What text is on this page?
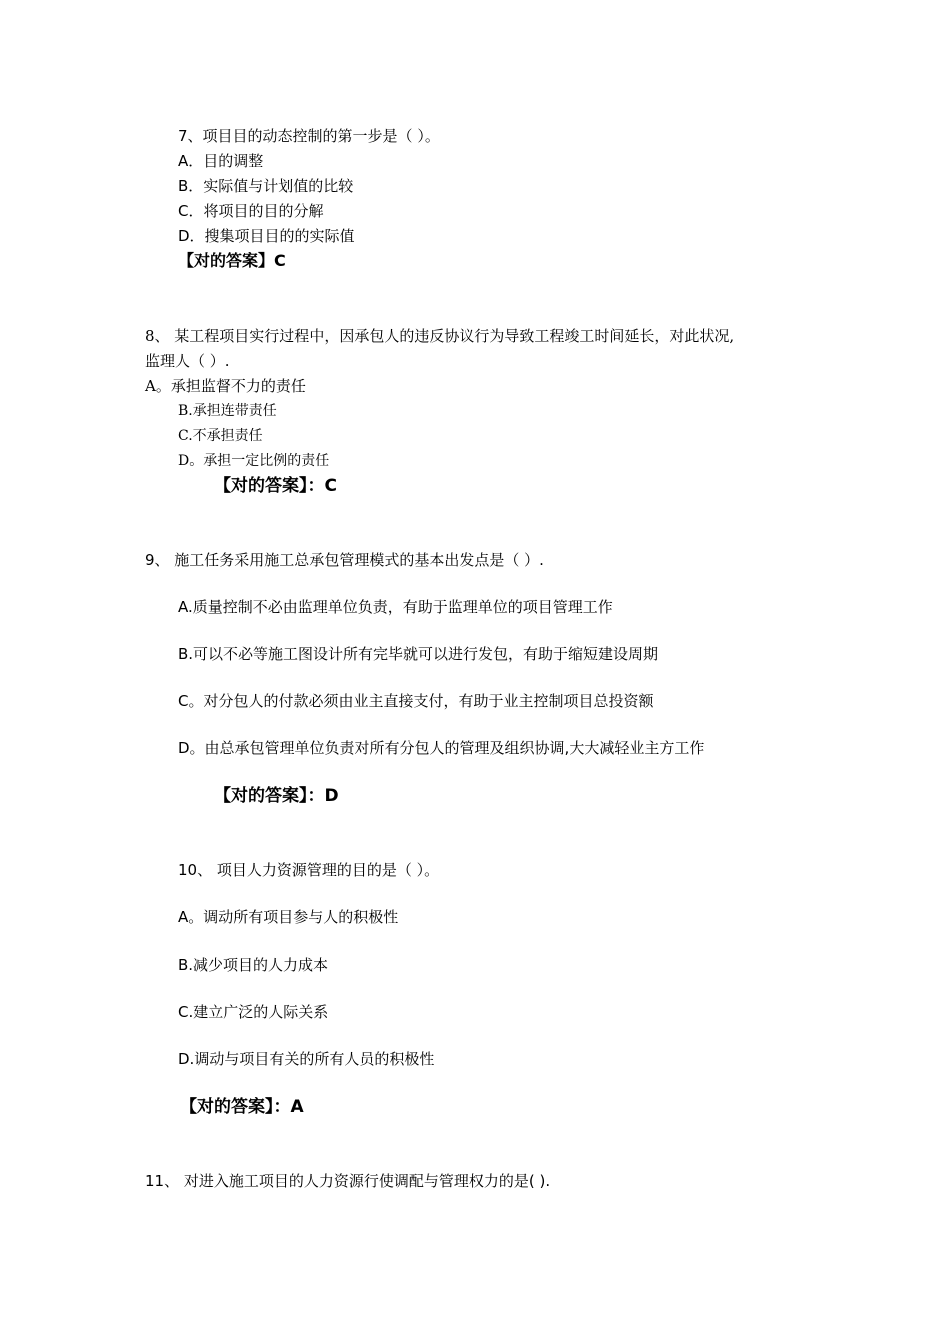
7、项目目的动态控制的第一步是（ ）。
A．目的调整
B．实际值与计划值的比较
C．将项目的目的分解
D．搜集项目目的的实际值
【对的答案】C
8、 某工程项目实行过程中，因承包人的违反协议行为导致工程竣工时间延长，对此状况,
监理人（ ）.
A。承担监督不力的责任
B.承担连带责任
C.不承担责任
D。承担一定比例的责任
【对的答案】：C
9、 施工任务采用施工总承包管理模式的基本出发点是（ ）.
A.质量控制不必由监理单位负责，有助于监理单位的项目管理工作
B.可以不必等施工图设计所有完毕就可以进行发包，有助于缩短建设周期
C。对分包人的付款必须由业主直接支付，有助于业主控制项目总投资额
D。由总承包管理单位负责对所有分包人的管理及组织协调,大大减轻业主方工作
【对的答案】：D
10、 项目人力资源管理的目的是（ ）。
A。调动所有项目参与人的积极性
B.减少项目的人力成本
C.建立广泛的人际关系
D.调动与项目有关的所有人员的积极性
【对的答案】：A
11、 对进入施工项目的人力资源行使调配与管理权力的是( ).
